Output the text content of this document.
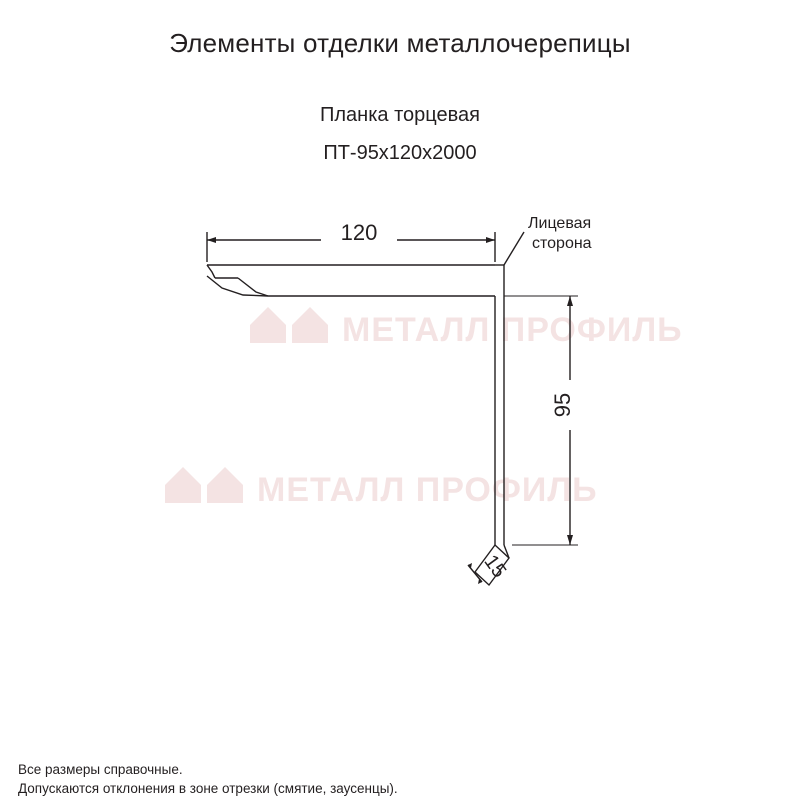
МЕТАЛЛ ПРОФИЛЬ
МЕТАЛЛ ПРОФИЛЬ
Элементы отделки металлочерепицы
Планка торцевая
ПТ-95x120x2000
120
95
15
Лицевая
сторона
Все размеры справочные.
Допускаются отклонения в зоне отрезки (смятие, заусенцы).
